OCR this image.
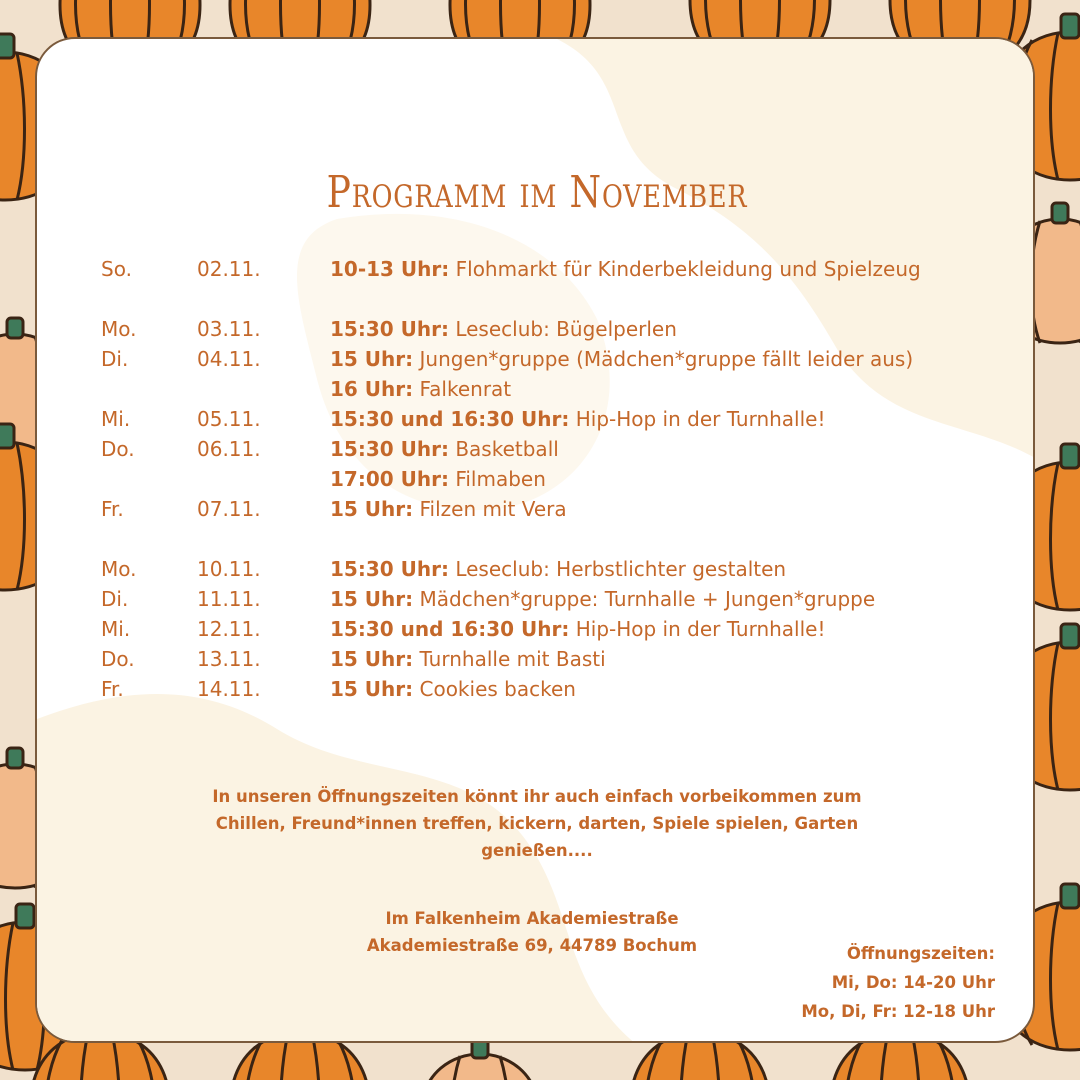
Programm im November
So.	02.11.	10-13 Uhr: Flohmarkt für Kinderbekleidung und Spielzeug
Mo.	03.11.	15:30 Uhr: Leseclub: Bügelperlen
Di.	04.11.	15 Uhr: Jungen*gruppe (Mädchen*gruppe fällt leider aus)
16 Uhr: Falkenrat
Mi.	05.11.	15:30 und 16:30 Uhr: Hip-Hop in der Turnhalle!
Do.	06.11.	15:30 Uhr: Basketball
17:00 Uhr: Filmaben
Fr.	07.11.	15 Uhr: Filzen mit Vera
Mo.	10.11.	15:30 Uhr: Leseclub: Herbstlichter gestalten
Di.	11.11.	15 Uhr: Mädchen*gruppe: Turnhalle + Jungen*gruppe
Mi.	12.11.	15:30 und 16:30 Uhr: Hip-Hop in der Turnhalle!
Do.	13.11.	15 Uhr: Turnhalle mit Basti
Fr.	14.11.	15 Uhr: Cookies backen
In unseren Öffnungszeiten könnt ihr auch einfach vorbeikommen zum
Chillen, Freund*innen treffen, kickern, darten, Spiele spielen, Garten
genießen....
Im Falkenheim Akademiestraße
Akademiestraße 69, 44789 Bochum	Öffnungszeiten:
Mi, Do: 14-20 Uhr
Mo, Di, Fr: 12-18 Uhr
